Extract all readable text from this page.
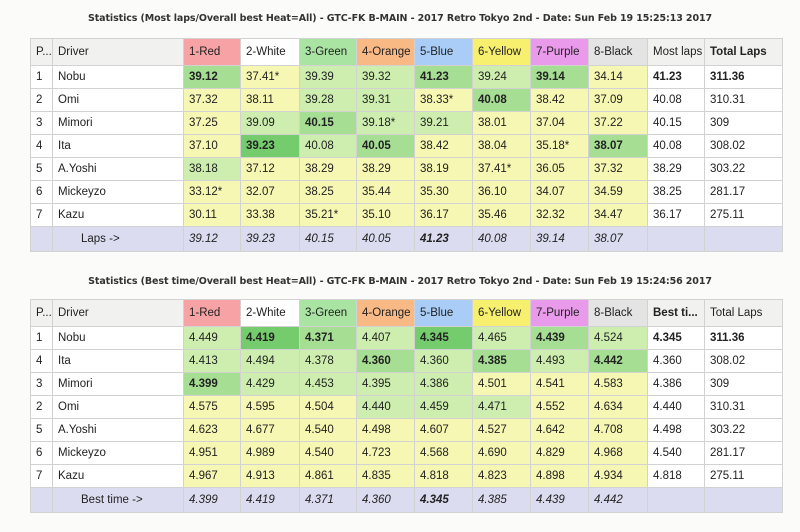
Statistics (Most laps/Overall best Heat=All) - GTC-FK B-MAIN - 2017 Retro Tokyo 2nd - Date: Sun Feb 19 15:25:13 2017
P...	Driver	1-Red	2-White	3-Green	4-Orange	5-Blue	6-Yellow	7-Purple	8-Black	Most laps	Total Laps
1	Nobu	39.12	37.41*	39.39	39.32	41.23	39.24	39.14	34.14	41.23	311.36
2	Omi	37.32	38.11	39.28	39.31	38.33*	40.08	38.42	37.09	40.08	310.31
3	Mimori	37.25	39.09	40.15	39.18*	39.21	38.01	37.04	37.22	40.15	309
4	Ita	37.10	39.23	40.08	40.05	38.42	38.04	35.18*	38.07	40.08	308.02
5	A.Yoshi	38.18	37.12	38.29	38.29	38.19	37.41*	36.05	37.32	38.29	303.22
6	Mickeyzo	33.12*	32.07	38.25	35.44	35.30	36.10	34.07	34.59	38.25	281.17
7	Kazu	30.11	33.38	35.21*	35.10	36.17	35.46	32.32	34.47	36.17	275.11
	Laps ->	39.12	39.23	40.15	40.05	41.23	40.08	39.14	38.07		
Statistics (Best time/Overall best Heat=All) - GTC-FK B-MAIN - 2017 Retro Tokyo 2nd - Date: Sun Feb 19 15:24:56 2017
P...	Driver	1-Red	2-White	3-Green	4-Orange	5-Blue	6-Yellow	7-Purple	8-Black	Best ti...	Total Laps
1	Nobu	4.449	4.419	4.371	4.407	4.345	4.465	4.439	4.524	4.345	311.36
4	Ita	4.413	4.494	4.378	4.360	4.360	4.385	4.493	4.442	4.360	308.02
3	Mimori	4.399	4.429	4.453	4.395	4.386	4.501	4.541	4.583	4.386	309
2	Omi	4.575	4.595	4.504	4.440	4.459	4.471	4.552	4.634	4.440	310.31
5	A.Yoshi	4.623	4.677	4.540	4.498	4.607	4.527	4.642	4.708	4.498	303.22
6	Mickeyzo	4.951	4.989	4.540	4.723	4.568	4.690	4.829	4.968	4.540	281.17
7	Kazu	4.967	4.913	4.861	4.835	4.818	4.823	4.898	4.934	4.818	275.11
	Best time ->	4.399	4.419	4.371	4.360	4.345	4.385	4.439	4.442		
